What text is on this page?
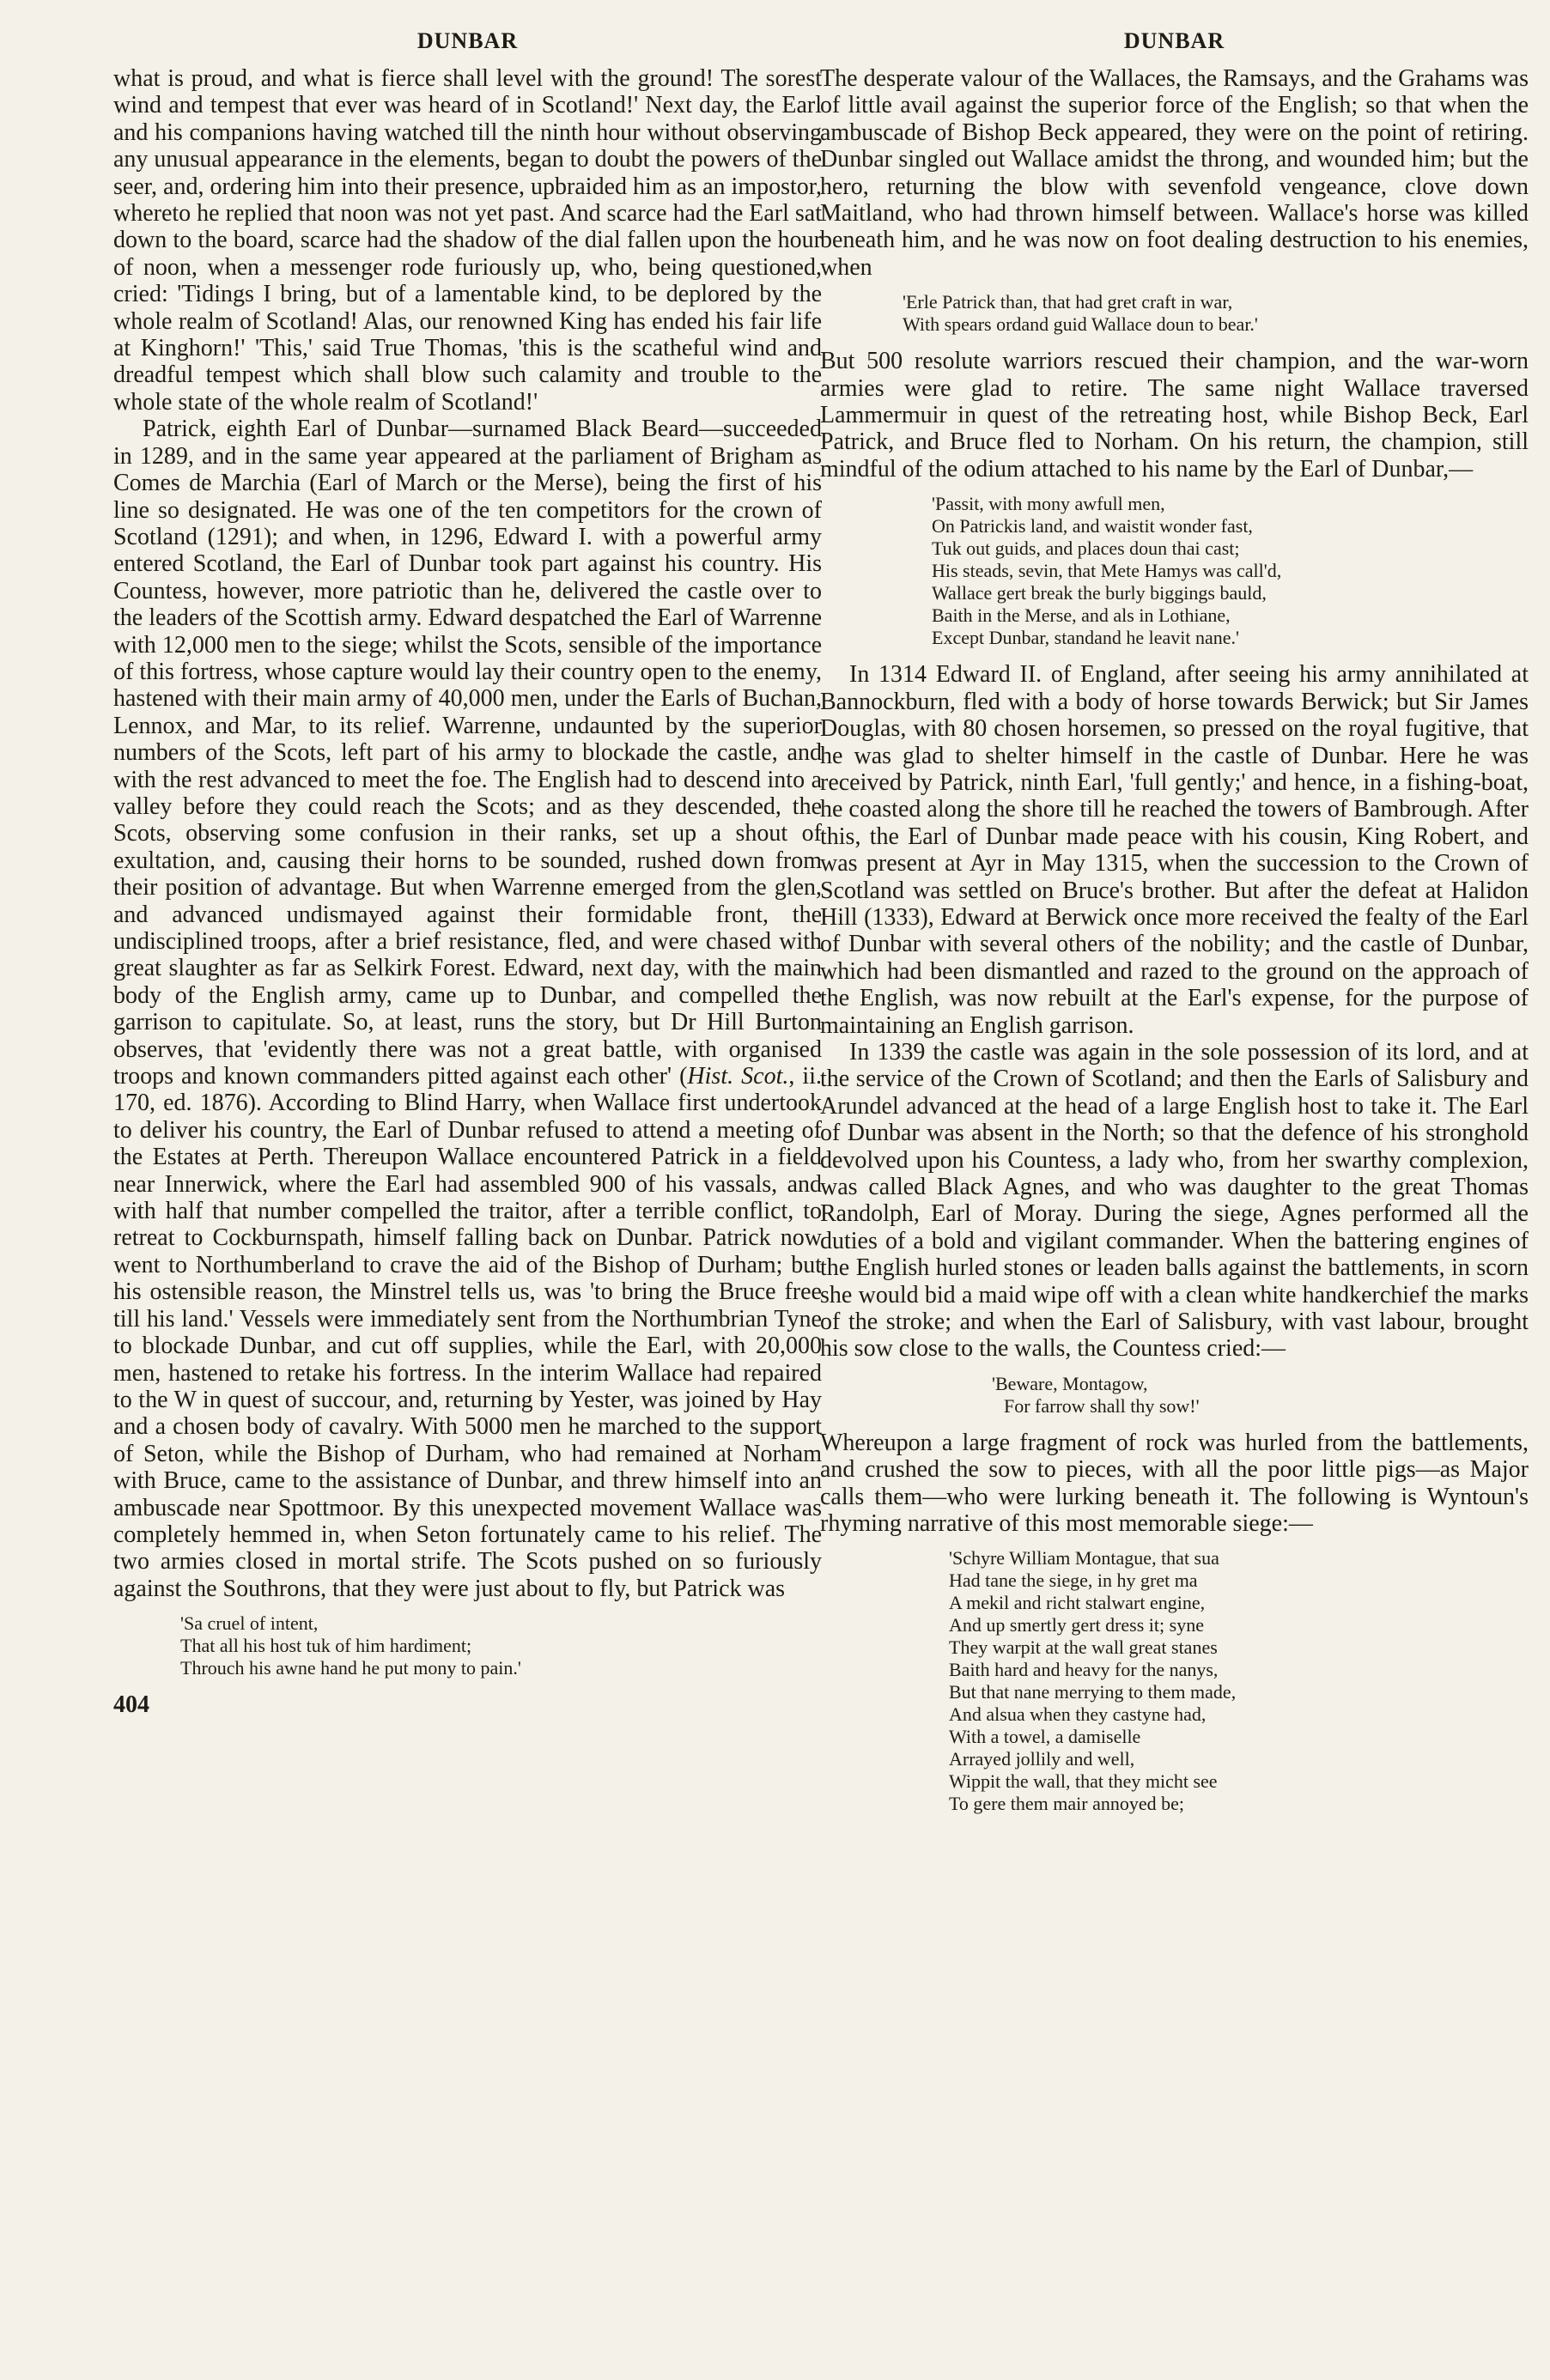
DUNBAR

what is proud, and what is fierce shall level with the ground! The sorest wind and tempest that ever was heard of in Scotland!' Next day, the Earl and his companions having watched till the ninth hour without observing any unusual appearance in the elements, began to doubt the powers of the seer, and, ordering him into their presence, upbraided him as an impostor, whereto he replied that noon was not yet past. And scarce had the Earl sat down to the board, scarce had the shadow of the dial fallen upon the hour of noon, when a messenger rode furiously up, who, being questioned, cried: 'Tidings I bring, but of a lamentable kind, to be deplored by the whole realm of Scotland! Alas, our renowned King has ended his fair life at Kinghorn!' 'This,' said True Thomas, 'this is the scatheful wind and dreadful tempest which shall blow such calamity and trouble to the whole state of the whole realm of Scotland!'

Patrick, eighth Earl of Dunbar—surnamed Black Beard—succeeded in 1289, and in the same year appeared at the parliament of Brigham as Comes de Marchia (Earl of March or the Merse), being the first of his line so designated. He was one of the ten competitors for the crown of Scotland (1291); and when, in 1296, Edward I. with a powerful army entered Scotland, the Earl of Dunbar took part against his country. His Countess, however, more patriotic than he, delivered the castle over to the leaders of the Scottish army. Edward despatched the Earl of Warrenne with 12,000 men to the siege; whilst the Scots, sensible of the importance of this fortress, whose capture would lay their country open to the enemy, hastened with their main army of 40,000 men, under the Earls of Buchan, Lennox, and Mar, to its relief. Warrenne, undaunted by the superior numbers of the Scots, left part of his army to blockade the castle, and with the rest advanced to meet the foe. The English had to descend into a valley before they could reach the Scots; and as they descended, the Scots, observing some confusion in their ranks, set up a shout of exultation, and, causing their horns to be sounded, rushed down from their position of advantage. But when Warrenne emerged from the glen, and advanced undismayed against their formidable front, the undisciplined troops, after a brief resistance, fled, and were chased with great slaughter as far as Selkirk Forest. Edward, next day, with the main body of the English army, came up to Dunbar, and compelled the garrison to capitulate. So, at least, runs the story, but Dr Hill Burton observes, that 'evidently there was not a great battle, with organised troops and known commanders pitted against each other' (Hist. Scot., ii. 170, ed. 1876). According to Blind Harry, when Wallace first undertook to deliver his country, the Earl of Dunbar refused to attend a meeting of the Estates at Perth. Thereupon Wallace encountered Patrick in a field near Innerwick, where the Earl had assembled 900 of his vassals, and with half that number compelled the traitor, after a terrible conflict, to retreat to Cockburnspath, himself falling back on Dunbar. Patrick now went to Northumberland to crave the aid of the Bishop of Durham; but his ostensible reason, the Minstrel tells us, was 'to bring the Bruce free till his land.' Vessels were immediately sent from the Northumbrian Tyne to blockade Dunbar, and cut off supplies, while the Earl, with 20,000 men, hastened to retake his fortress. In the interim Wallace had repaired to the W in quest of succour, and, returning by Yester, was joined by Hay and a chosen body of cavalry. With 5000 men he marched to the support of Seton, while the Bishop of Durham, who had remained at Norham with Bruce, came to the assistance of Dunbar, and threw himself into an ambuscade near Spottmoor. By this unexpected movement Wallace was completely hemmed in, when Seton fortunately came to his relief. The two armies closed in mortal strife. The Scots pushed on so furiously against the Southrons, that they were just about to fly, but Patrick was

'Sa cruel of intent,
That all his host tuk of him hardiment;
Throuch his awne hand he put mony to pain.'
404
DUNBAR

The desperate valour of the Wallaces, the Ramsays, and the Grahams was of little avail against the superior force of the English; so that when the ambuscade of Bishop Beck appeared, they were on the point of retiring. Dunbar singled out Wallace amidst the throng, and wounded him; but the hero, returning the blow with sevenfold vengeance, clove down Maitland, who had thrown himself between. Wallace's horse was killed beneath him, and he was now on foot dealing destruction to his enemies, when

'Erle Patrick than, that had gret craft in war,
With spears ordand guid Wallace doun to bear.'

But 500 resolute warriors rescued their champion, and the war-worn armies were glad to retire. The same night Wallace traversed Lammermuir in quest of the retreating host, while Bishop Beck, Earl Patrick, and Bruce fled to Norham. On his return, the champion, still mindful of the odium attached to his name by the Earl of Dunbar,—

'Passit, with mony awfull men,
On Patrickis land, and waistit wonder fast,
Tuk out guids, and places doun thai cast;
His steads, sevin, that Mete Hamys was call'd,
Wallace gert break the burly biggings bauld,
Baith in the Merse, and als in Lothiane,
Except Dunbar, standand he leavit nane.'

In 1314 Edward II. of England, after seeing his army annihilated at Bannockburn, fled with a body of horse towards Berwick; but Sir James Douglas, with 80 chosen horsemen, so pressed on the royal fugitive, that he was glad to shelter himself in the castle of Dunbar. Here he was received by Patrick, ninth Earl, 'full gently;' and hence, in a fishing-boat, he coasted along the shore till he reached the towers of Bambrough. After this, the Earl of Dunbar made peace with his cousin, King Robert, and was present at Ayr in May 1315, when the succession to the Crown of Scotland was settled on Bruce's brother. But after the defeat at Halidon Hill (1333), Edward at Berwick once more received the fealty of the Earl of Dunbar with several others of the nobility; and the castle of Dunbar, which had been dismantled and razed to the ground on the approach of the English, was now rebuilt at the Earl's expense, for the purpose of maintaining an English garrison.

In 1339 the castle was again in the sole possession of its lord, and at the service of the Crown of Scotland; and then the Earls of Salisbury and Arundel advanced at the head of a large English host to take it. The Earl of Dunbar was absent in the North; so that the defence of his stronghold devolved upon his Countess, a lady who, from her swarthy complexion, was called Black Agnes, and who was daughter to the great Thomas Randolph, Earl of Moray. During the siege, Agnes performed all the duties of a bold and vigilant commander. When the battering engines of the English hurled stones or leaden balls against the battlements, in scorn she would bid a maid wipe off with a clean white handkerchief the marks of the stroke; and when the Earl of Salisbury, with vast labour, brought his sow close to the walls, the Countess cried:—

'Beware, Montagow,
For farrow shall thy sow!'

Whereupon a large fragment of rock was hurled from the battlements, and crushed the sow to pieces, with all the poor little pigs—as Major calls them—who were lurking beneath it. The following is Wyntoun's rhyming narrative of this most memorable siege:—

'Schyre William Montague, that sua
Had tane the siege, in hy gret ma
A mekil and richt stalwart engine,
And up smertly gert dress it; syne
They warpit at the wall great stanes
Baith hard and heavy for the nanys,
But that nane merrying to them made,
And alsua when they castyne had,
With a towel, a damiselle
Arrayed jollily and well,
Wippit the wall, that they micht see
To gere them mair annoyed be;
